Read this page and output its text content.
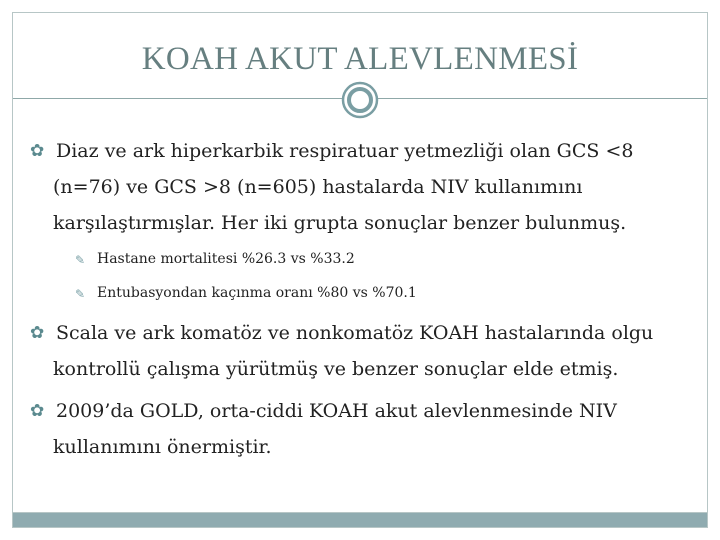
KOAH AKUT ALEVLENMESİ
✿ Diaz ve ark hiperkarbik respiratuar yetmezliği olan GCS <8
(n=76) ve GCS >8 (n=605) hastalarda NIV kullanımını
karşılaştırmışlar. Her iki grupta sonuçlar benzer bulunmuş.
✎ Hastane mortalitesi %26.3 vs %33.2
✎ Entubasyondan kaçınma oranı %80 vs %70.1
✿ Scala ve ark komatöz ve nonkomatöz KOAH hastalarında olgu
kontrollü çalışma yürütmüş ve benzer sonuçlar elde etmiş.
✿ 2009’da GOLD, orta-ciddi KOAH akut alevlenmesinde NIV
kullanımını önermiştir.
